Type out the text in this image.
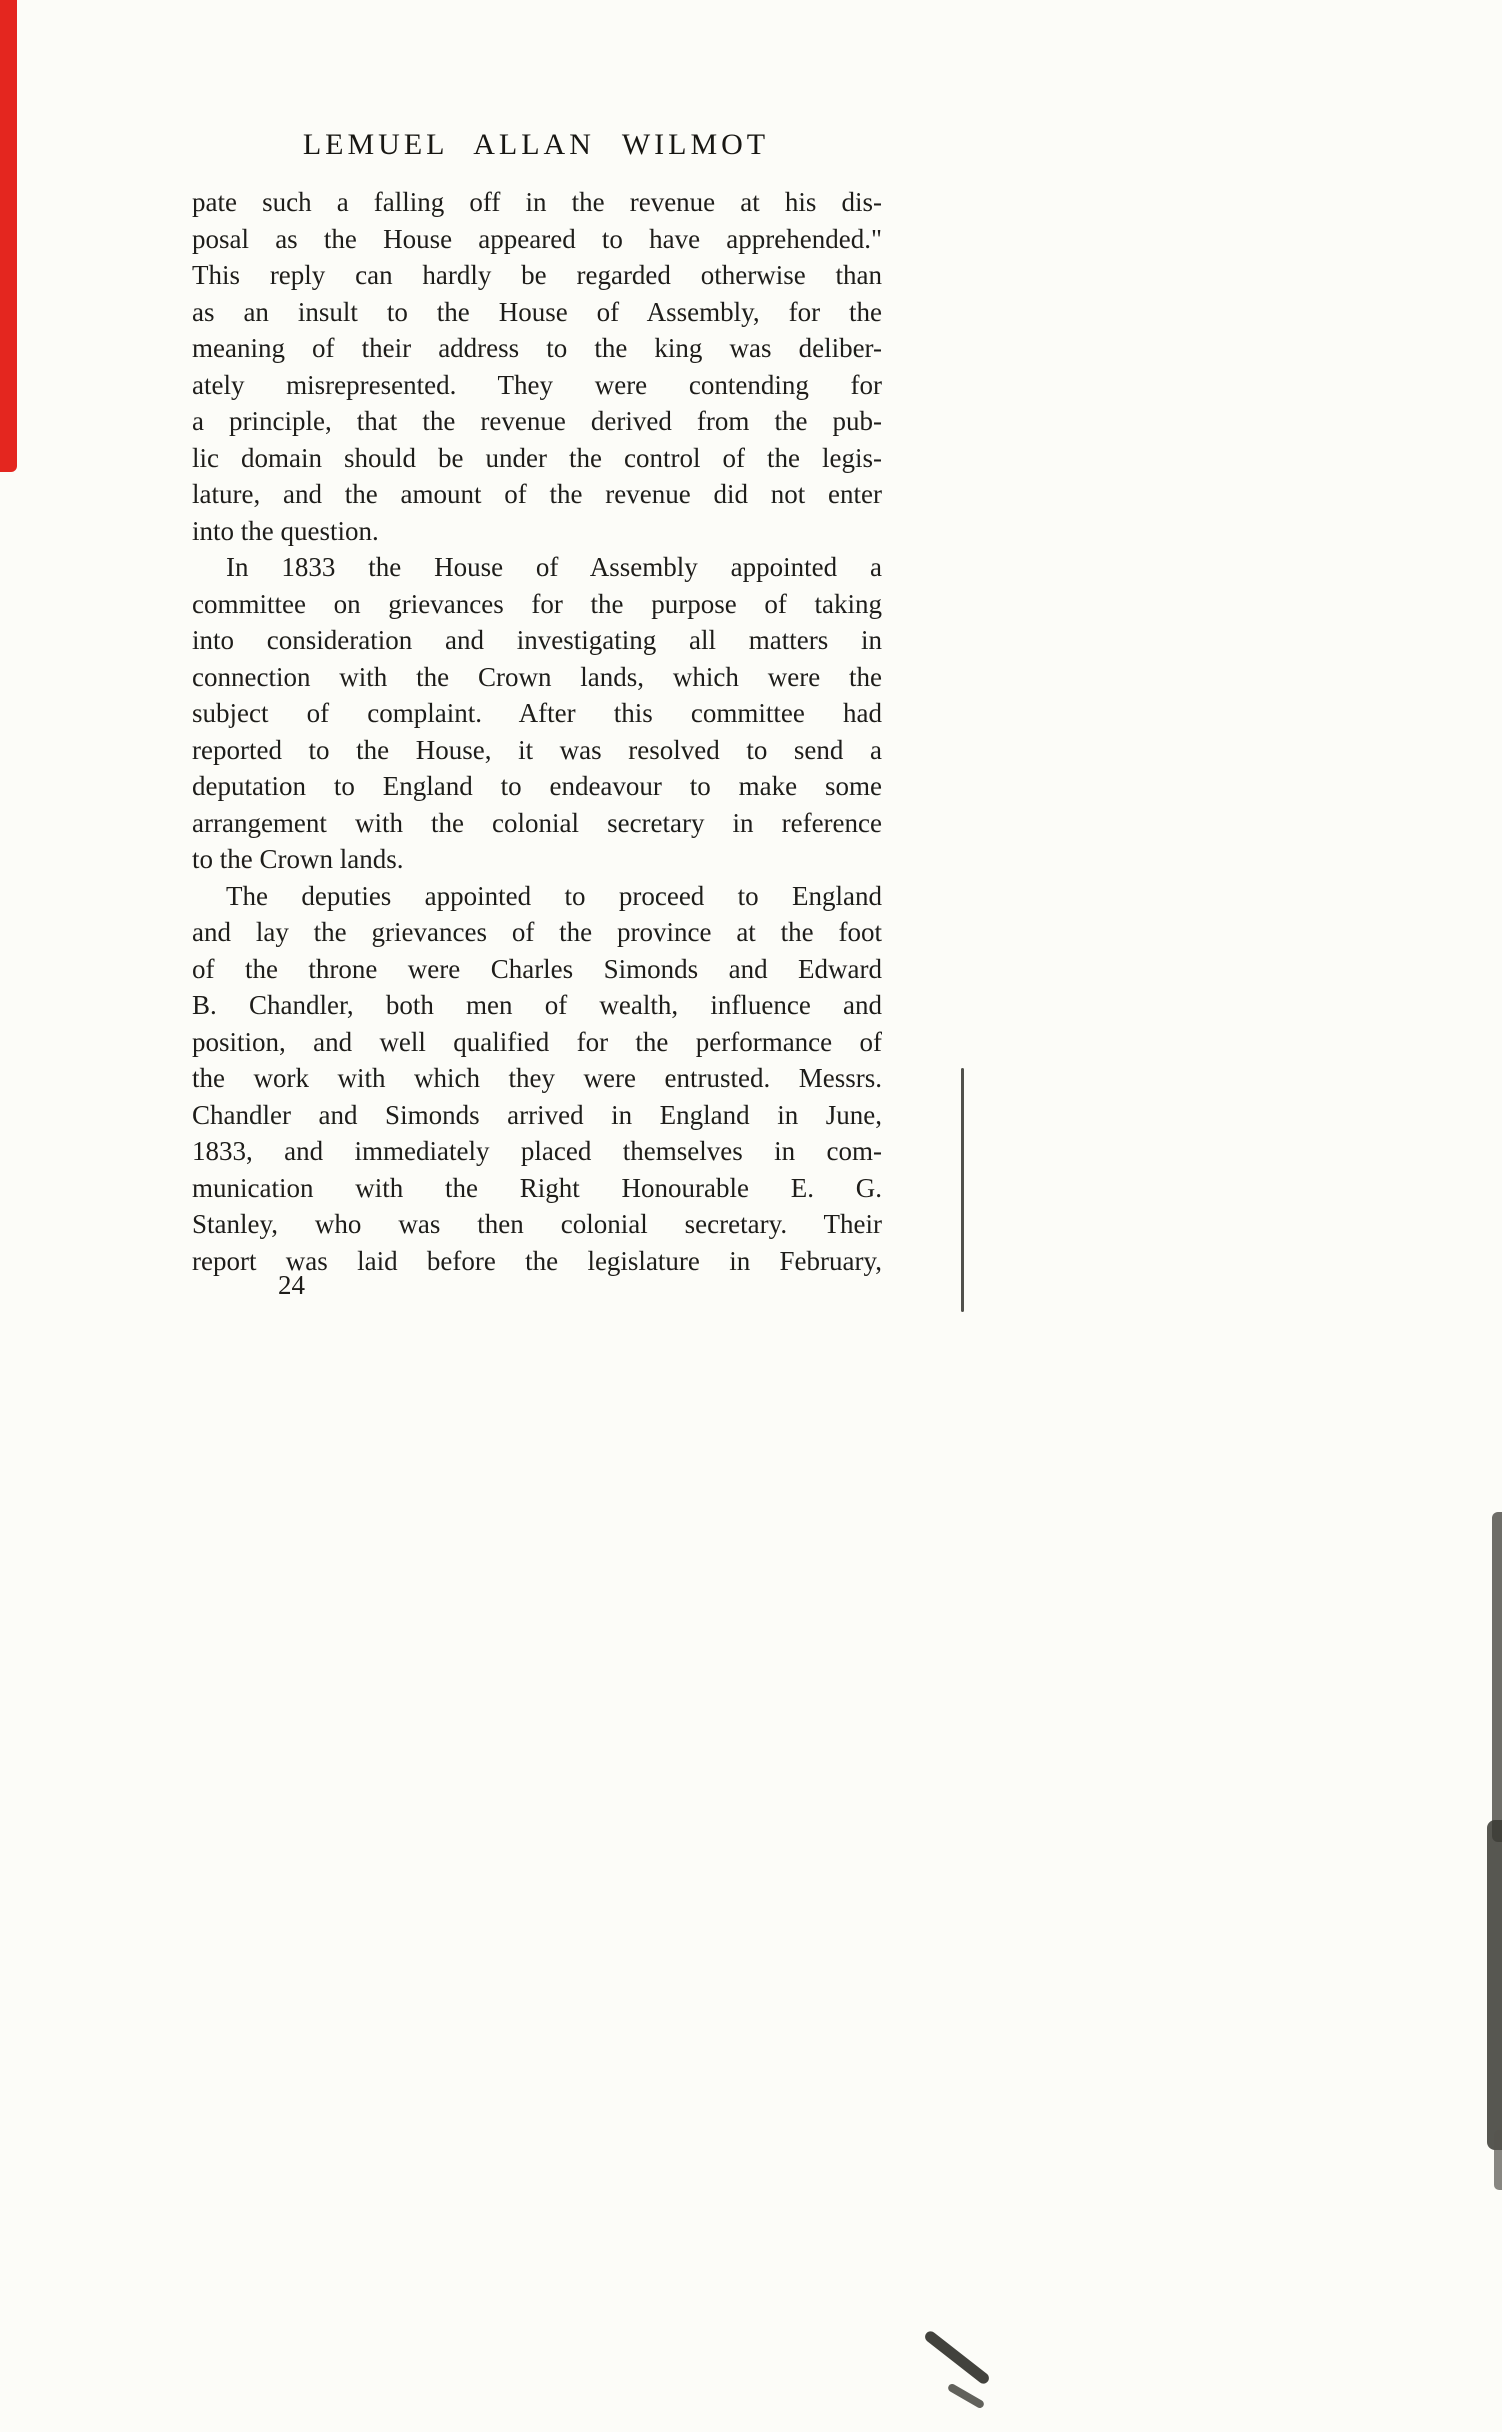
LEMUEL ALLAN WILMOT
pate such a falling off in the revenue at his dis-
posal as the House appeared to have apprehended."
This reply can hardly be regarded otherwise than
as an insult to the House of Assembly, for the
meaning of their address to the king was deliber-
ately misrepresented. They were contending for
a principle, that the revenue derived from the pub-
lic domain should be under the control of the legis-
lature, and the amount of the revenue did not enter
into the question.
In 1833 the House of Assembly appointed a
committee on grievances for the purpose of taking
into consideration and investigating all matters in
connection with the Crown lands, which were the
subject of complaint. After this committee had
reported to the House, it was resolved to send a
deputation to England to endeavour to make some
arrangement with the colonial secretary in reference
to the Crown lands.
The deputies appointed to proceed to England
and lay the grievances of the province at the foot
of the throne were Charles Simonds and Edward
B. Chandler, both men of wealth, influence and
position, and well qualified for the performance of
the work with which they were entrusted. Messrs.
Chandler and Simonds arrived in England in June,
1833, and immediately placed themselves in com-
munication with the Right Honourable E. G.
Stanley, who was then colonial secretary. Their
report was laid before the legislature in February,
24
